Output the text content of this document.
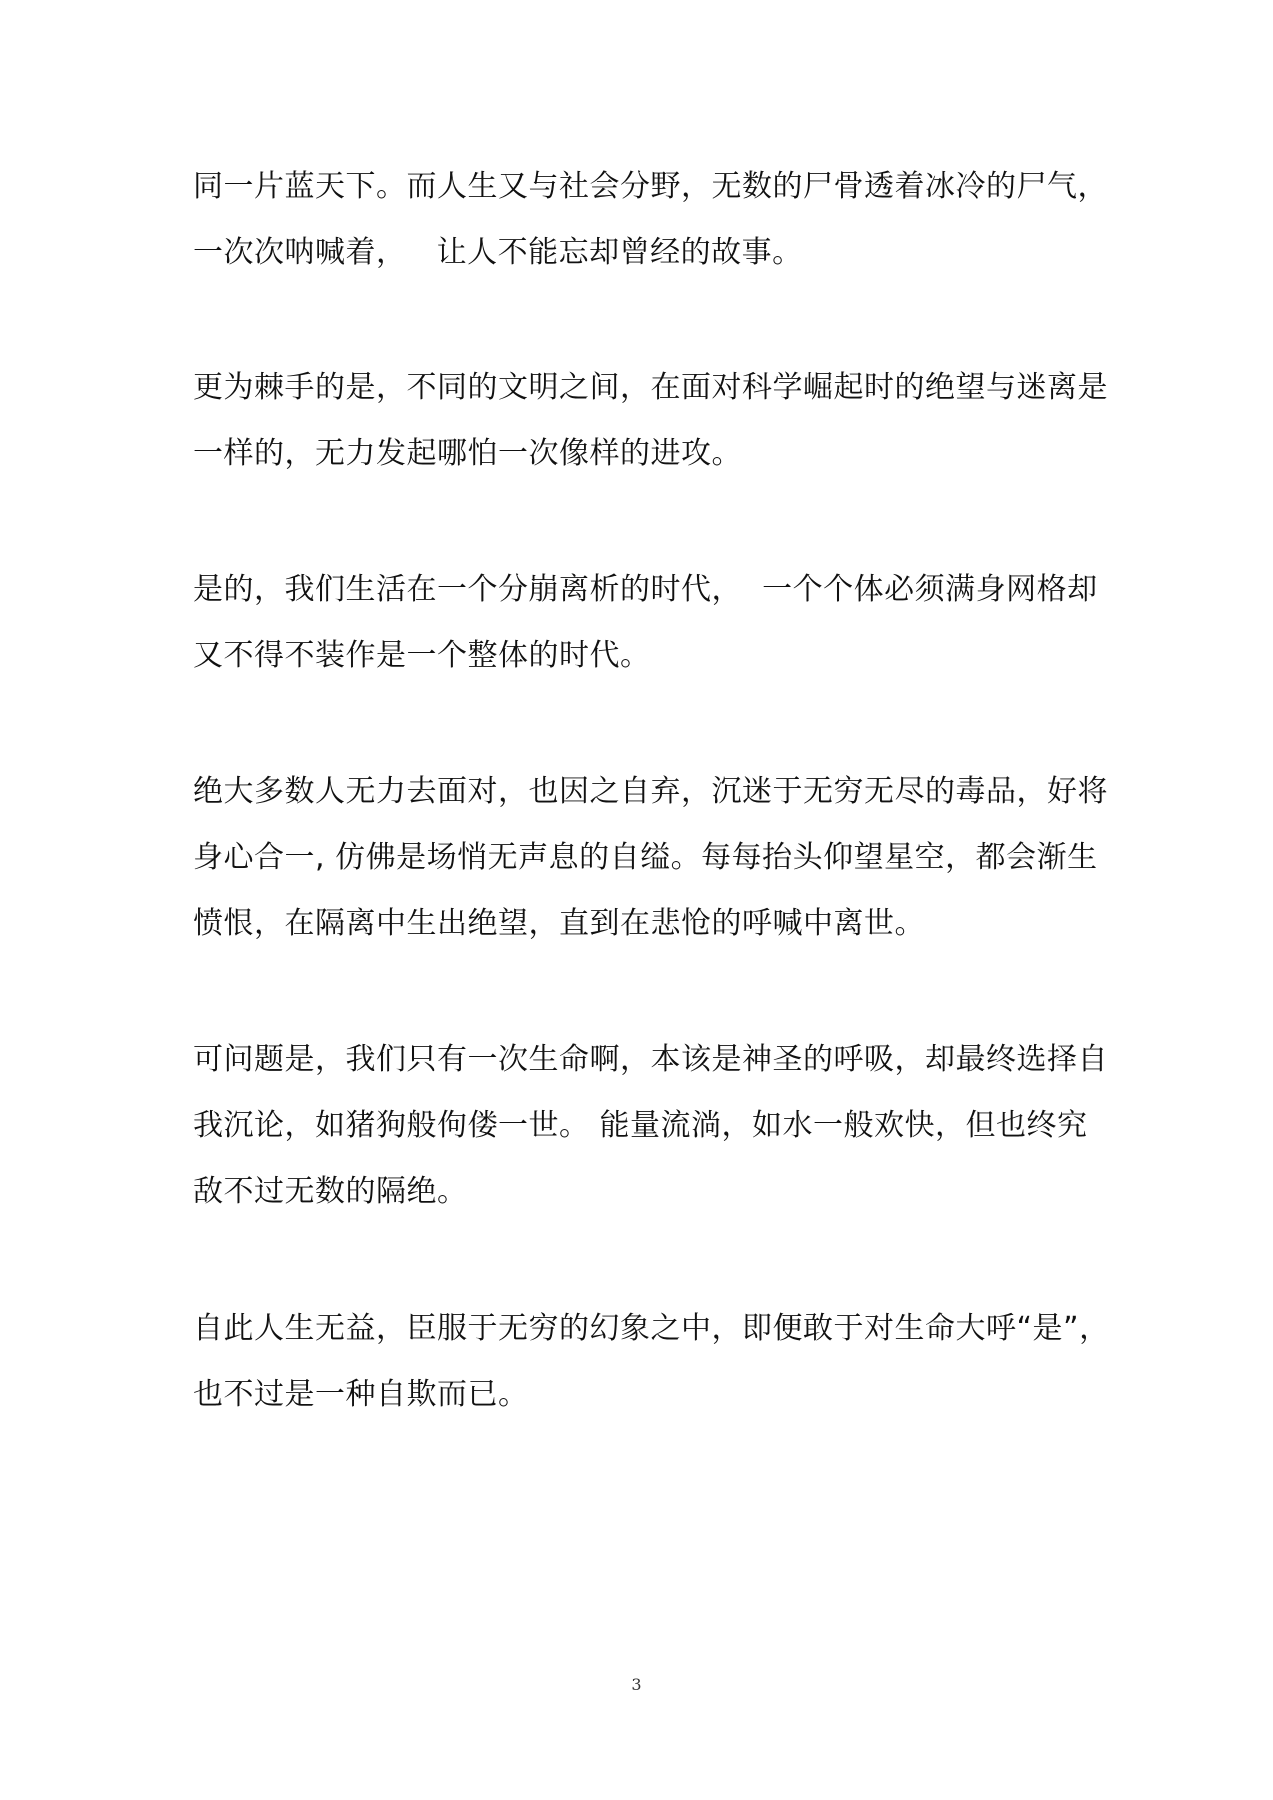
同一片蓝天下。而人生又与社会分野，无数的尸骨透着冰冷的尸气，
一次次呐喊着，   让人不能忘却曾经的故事。

更为棘手的是，不同的文明之间，在面对科学崛起时的绝望与迷离是
一样的，无力发起哪怕一次像样的进攻。

是的，我们生活在一个分崩离析的时代，  一个个体必须满身网格却
又不得不装作是一个整体的时代。

绝大多数人无力去面对，也因之自弃，沉迷于无穷无尽的毒品，好将
身心合一, 仿佛是场悄无声息的自缢。每每抬头仰望星空，都会渐生
愤恨，在隔离中生出绝望，直到在悲怆的呼喊中离世。

可问题是，我们只有一次生命啊，本该是神圣的呼吸，却最终选择自
我沉论，如猪狗般佝偻一世。 能量流淌，如水一般欢快，但也终究
敌不过无数的隔绝。

自此人生无益，臣服于无穷的幻象之中，即便敢于对生命大呼“是”，
也不过是一种自欺而已。

3
